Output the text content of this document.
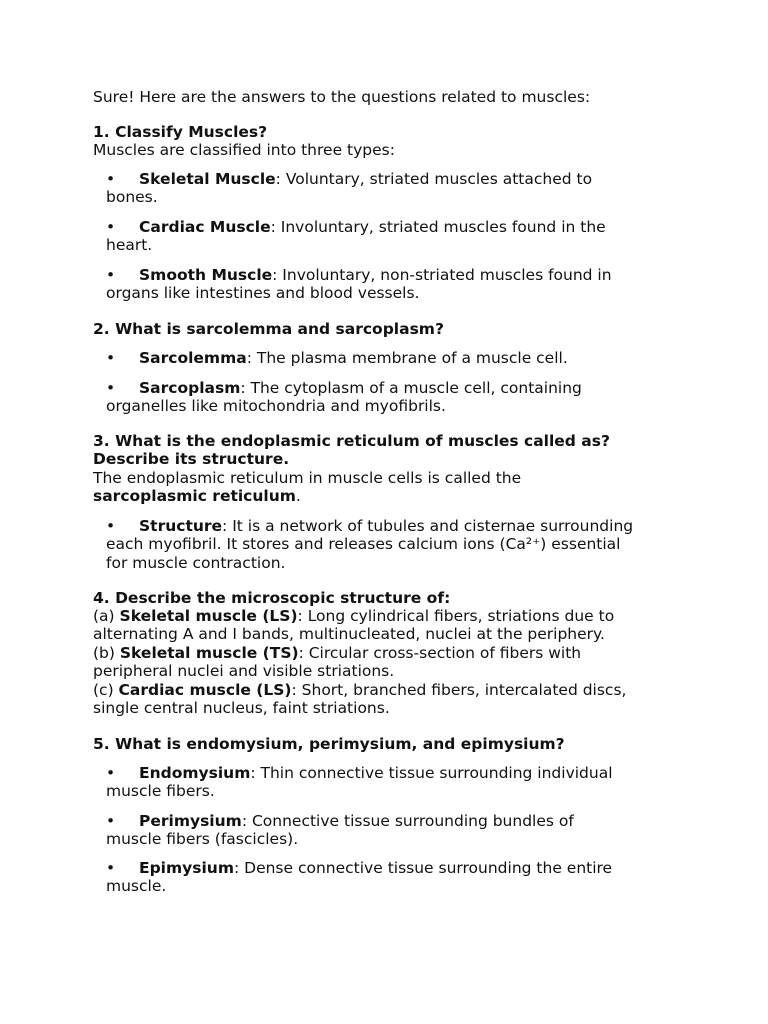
Sure! Here are the answers to the questions related to muscles:

1. Classify Muscles?

Muscles are classified into three types:

• Skeletal Muscle: Voluntary, striated muscles attached to
bones.
• Cardiac Muscle: Involuntary, striated muscles found in the
heart.
• Smooth Muscle: Involuntary, non-striated muscles found in
organs like intestines and blood vessels.

2. What is sarcolemma and sarcoplasm?

• Sarcolemma: The plasma membrane of a muscle cell.
• Sarcoplasm: The cytoplasm of a muscle cell, containing
organelles like mitochondria and myofibrils.

3. What is the endoplasmic reticulum of muscles called as?
Describe its structure.

The endoplasmic reticulum in muscle cells is called the
sarcoplasmic reticulum.

• Structure: It is a network of tubules and cisternae surrounding
each myofibril. It stores and releases calcium ions (Ca²⁺) essential
for muscle contraction.

4. Describe the microscopic structure of:

(a) Skeletal muscle (LS): Long cylindrical fibers, striations due to
alternating A and I bands, multinucleated, nuclei at the periphery.

(b) Skeletal muscle (TS): Circular cross-section of fibers with
peripheral nuclei and visible striations.

(c) Cardiac muscle (LS): Short, branched fibers, intercalated discs,
single central nucleus, faint striations.

5. What is endomysium, perimysium, and epimysium?

• Endomysium: Thin connective tissue surrounding individual
muscle fibers.
• Perimysium: Connective tissue surrounding bundles of
muscle fibers (fascicles).
• Epimysium: Dense connective tissue surrounding the entire
muscle.
